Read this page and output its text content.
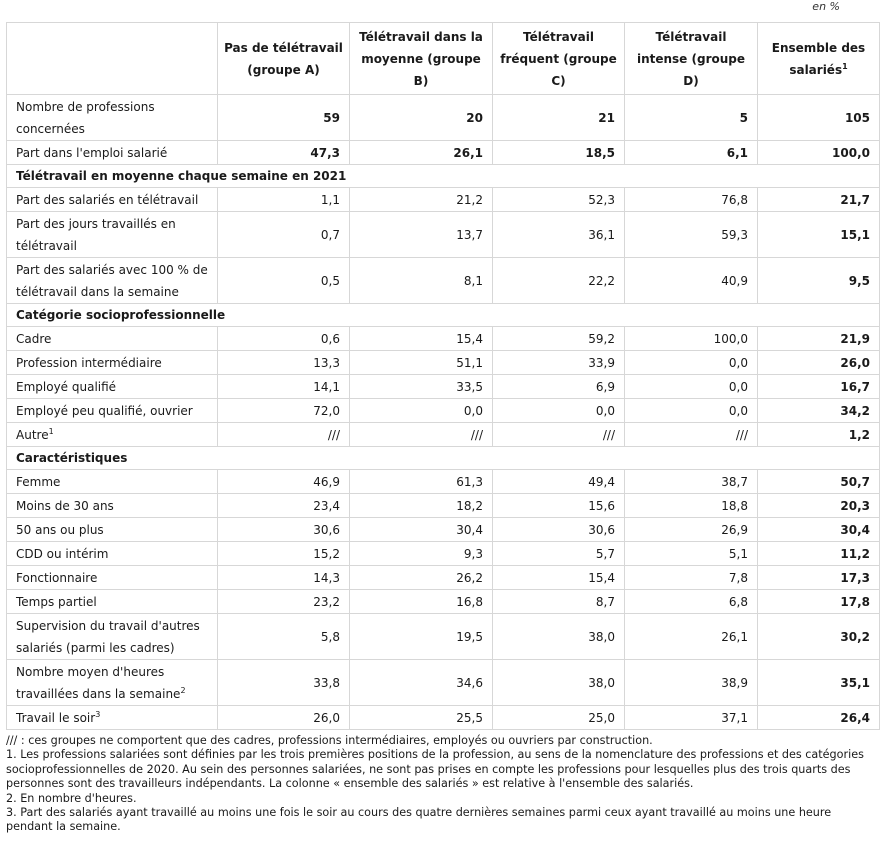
en %
	Pas de télétravail (groupe A)	Télétravail dans la moyenne (groupe B)	Télétravail fréquent (groupe C)	Télétravail intense (groupe D)	Ensemble des salariés$^1$
Nombre de professions concernées	59	20	21	5	105
Part dans l'emploi salarié	47,3	26,1	18,5	6,1	100,0
Télétravail en moyenne chaque semaine en 2021					
Part des salariés en télétravail	1,1	21,2	52,3	76,8	21,7
Part des jours travaillés en télétravail	0,7	13,7	36,1	59,3	15,1
Part des salariés avec 100 % de télétravail dans la semaine	0,5	8,1	22,2	40,9	9,5
Catégorie socioprofessionnelle					
Cadre	0,6	15,4	59,2	100,0	21,9
Profession intermédiaire	13,3	51,1	33,9	0,0	26,0
Employé qualifié	14,1	33,5	6,9	0,0	16,7
Employé peu qualifié, ouvrier	72,0	0,0	0,0	0,0	34,2
Autre$^1$	///	///	///	///	1,2
Caractéristiques					
Femme	46,9	61,3	49,4	38,7	50,7
Moins de 30 ans	23,4	18,2	15,6	18,8	20,3
50 ans ou plus	30,6	30,4	30,6	26,9	30,4
CDD ou intérim	15,2	9,3	5,7	5,1	11,2
Fonctionnaire	14,3	26,2	15,4	7,8	17,3
Temps partiel	23,2	16,8	8,7	6,8	17,8
Supervision du travail d'autres salariés (parmi les cadres)	5,8	19,5	38,0	26,1	30,2
Nombre moyen d'heures travaillées dans la semaine$^2$	33,8	34,6	38,0	38,9	35,1
Travail le soir$^3$	26,0	25,5	25,0	37,1	26,4

/// : ces groupes ne comportent que des cadres, professions intermédiaires, employés ou ouvriers par construction.

1. Les professions salariées sont définies par les trois premières positions de la profession, au sens de la nomenclature des professions et des catégories socioprofessionnelles de 2020. Au sein des personnes salariées, ne sont pas prises en compte les professions pour lesquelles plus des trois quarts des personnes sont des travailleurs indépendants. La colonne « ensemble des salariés » est relative à l'ensemble des salariés.

2. En nombre d'heures.

3. Part des salariés ayant travaillé au moins une fois le soir au cours des quatre dernières semaines parmi ceux ayant travaillé au moins une heure pendant la semaine.
